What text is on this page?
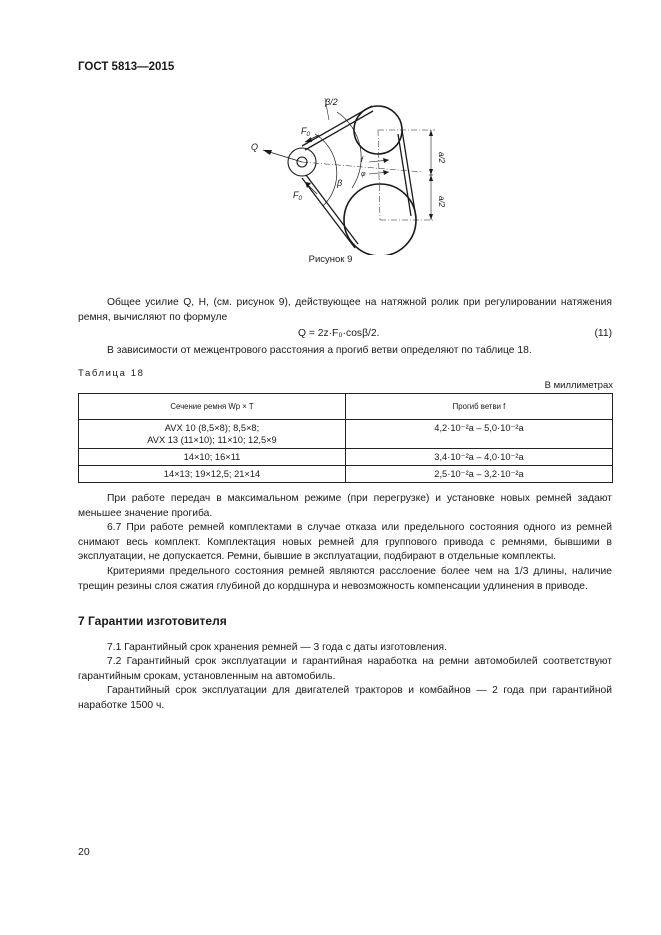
ГОСТ 5813—2015
Q
$F_0$
$F_0$
β/2
β
f
φ
a/2
a/2
Рисунок 9
Общее усилие Q, Н, (см. рисунок 9), действующее на натяжной ролик при регулировании натяжения ремня, вычисляют по формуле
Q = 2z·F₀·cosβ/2.	(11)
В зависимости от межцентрового расстояния a прогиб ветви определяют по таблице 18.
Таблица 18
В миллиметрах
Сечение ремня Wp × T	Прогиб ветви f

AVX 10 (8,5×8); 8,5×8;
AVX 13 (11×10); 11×10; 12,5×9	4,2·10⁻²a – 5,0·10⁻²a
14×10; 16×11	3,4·10⁻²a – 4,0·10⁻²a
14×13; 19×12,5; 21×14	2,5·10⁻²a – 3,2·10⁻²a
При работе передач в максимальном режиме (при перегрузке) и установке новых ремней задают меньшее значение прогиба.
6.7 При работе ремней комплектами в случае отказа или предельного состояния одного из ремней снимают весь комплект. Комплектация новых ремней для группового привода с ремнями, бывшими в эксплуатации, не допускается. Ремни, бывшие в эксплуатации, подбирают в отдельные комплекты.
Критериями предельного состояния ремней являются расслоение более чем на 1/3 длины, наличие трещин резины слоя сжатия глубиной до кордшнура и невозможность компенсации удлинения в приводе.
7 Гарантии изготовителя
7.1 Гарантийный срок хранения ремней — 3 года с даты изготовления.
7.2 Гарантийный срок эксплуатации и гарантийная наработка на ремни автомобилей соответствуют гарантийным срокам, установленным на автомобиль.
Гарантийный срок эксплуатации для двигателей тракторов и комбайнов — 2 года при гарантийной наработке 1500 ч.
20
